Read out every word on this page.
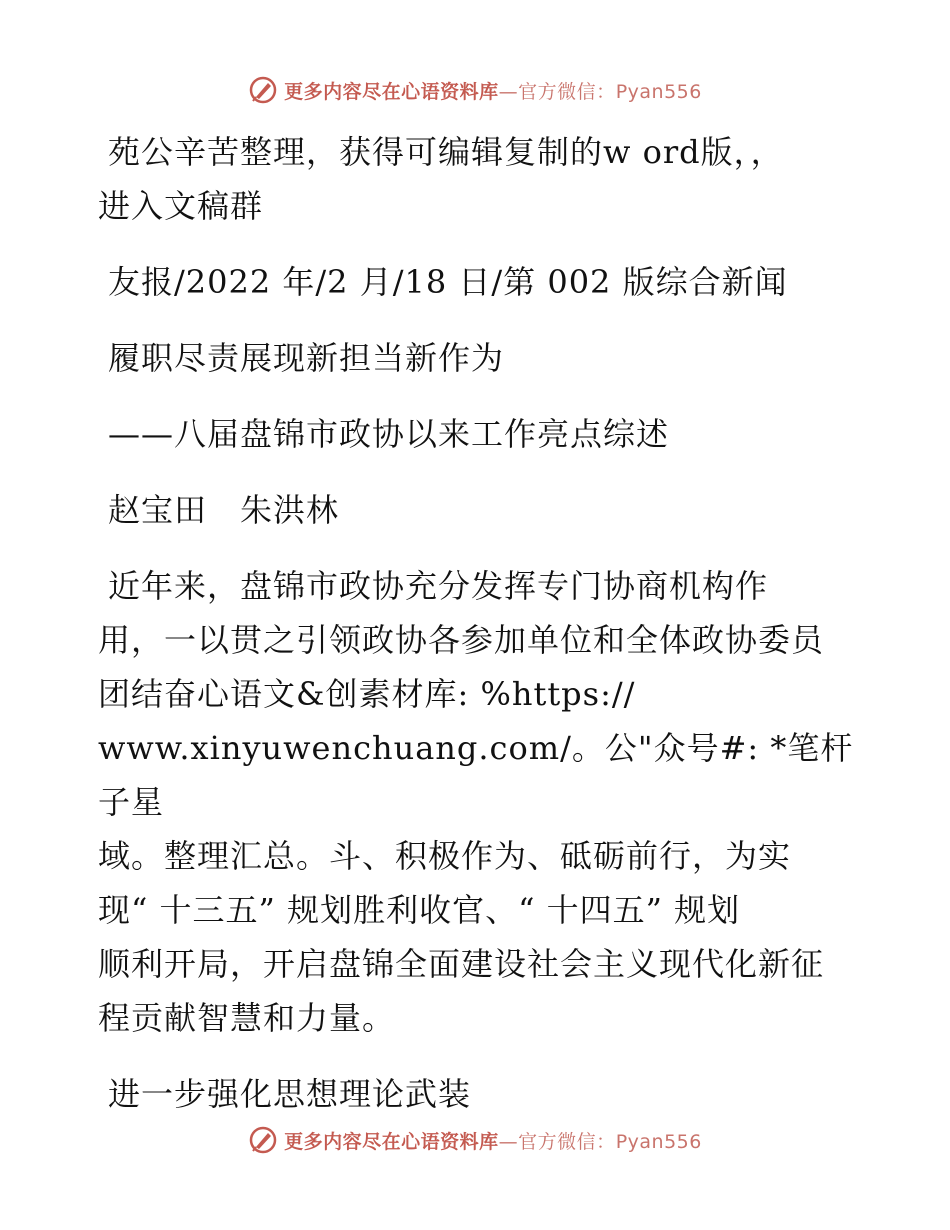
更多内容尽在心语资料库—官方微信：Pyan556

苑公辛苦整理，获得可编辑复制的w ord版，，

进入文稿群

友报/2022 年/2 月/18 日/第 002 版综合新闻

履职尽责展现新担当新作为

——八届盘锦市政协以来工作亮点综述

赵宝田　朱洪林

近年来，盘锦市政协充分发挥专门协商机构作

用，一以贯之引领政协各参加单位和全体政协委员

团结奋心语文&创素材库: %https://

www.xinyuwenchuang.com/。公"众号#: *笔杆子星

域。整理汇总。斗、积极作为、砥砺前行，为实

现“ 十三五” 规划胜利收官、“ 十四五” 规划

顺利开局，开启盘锦全面建设社会主义现代化新征

程贡献智慧和力量。

进一步强化思想理论武装

更多内容尽在心语资料库—官方微信：Pyan556
